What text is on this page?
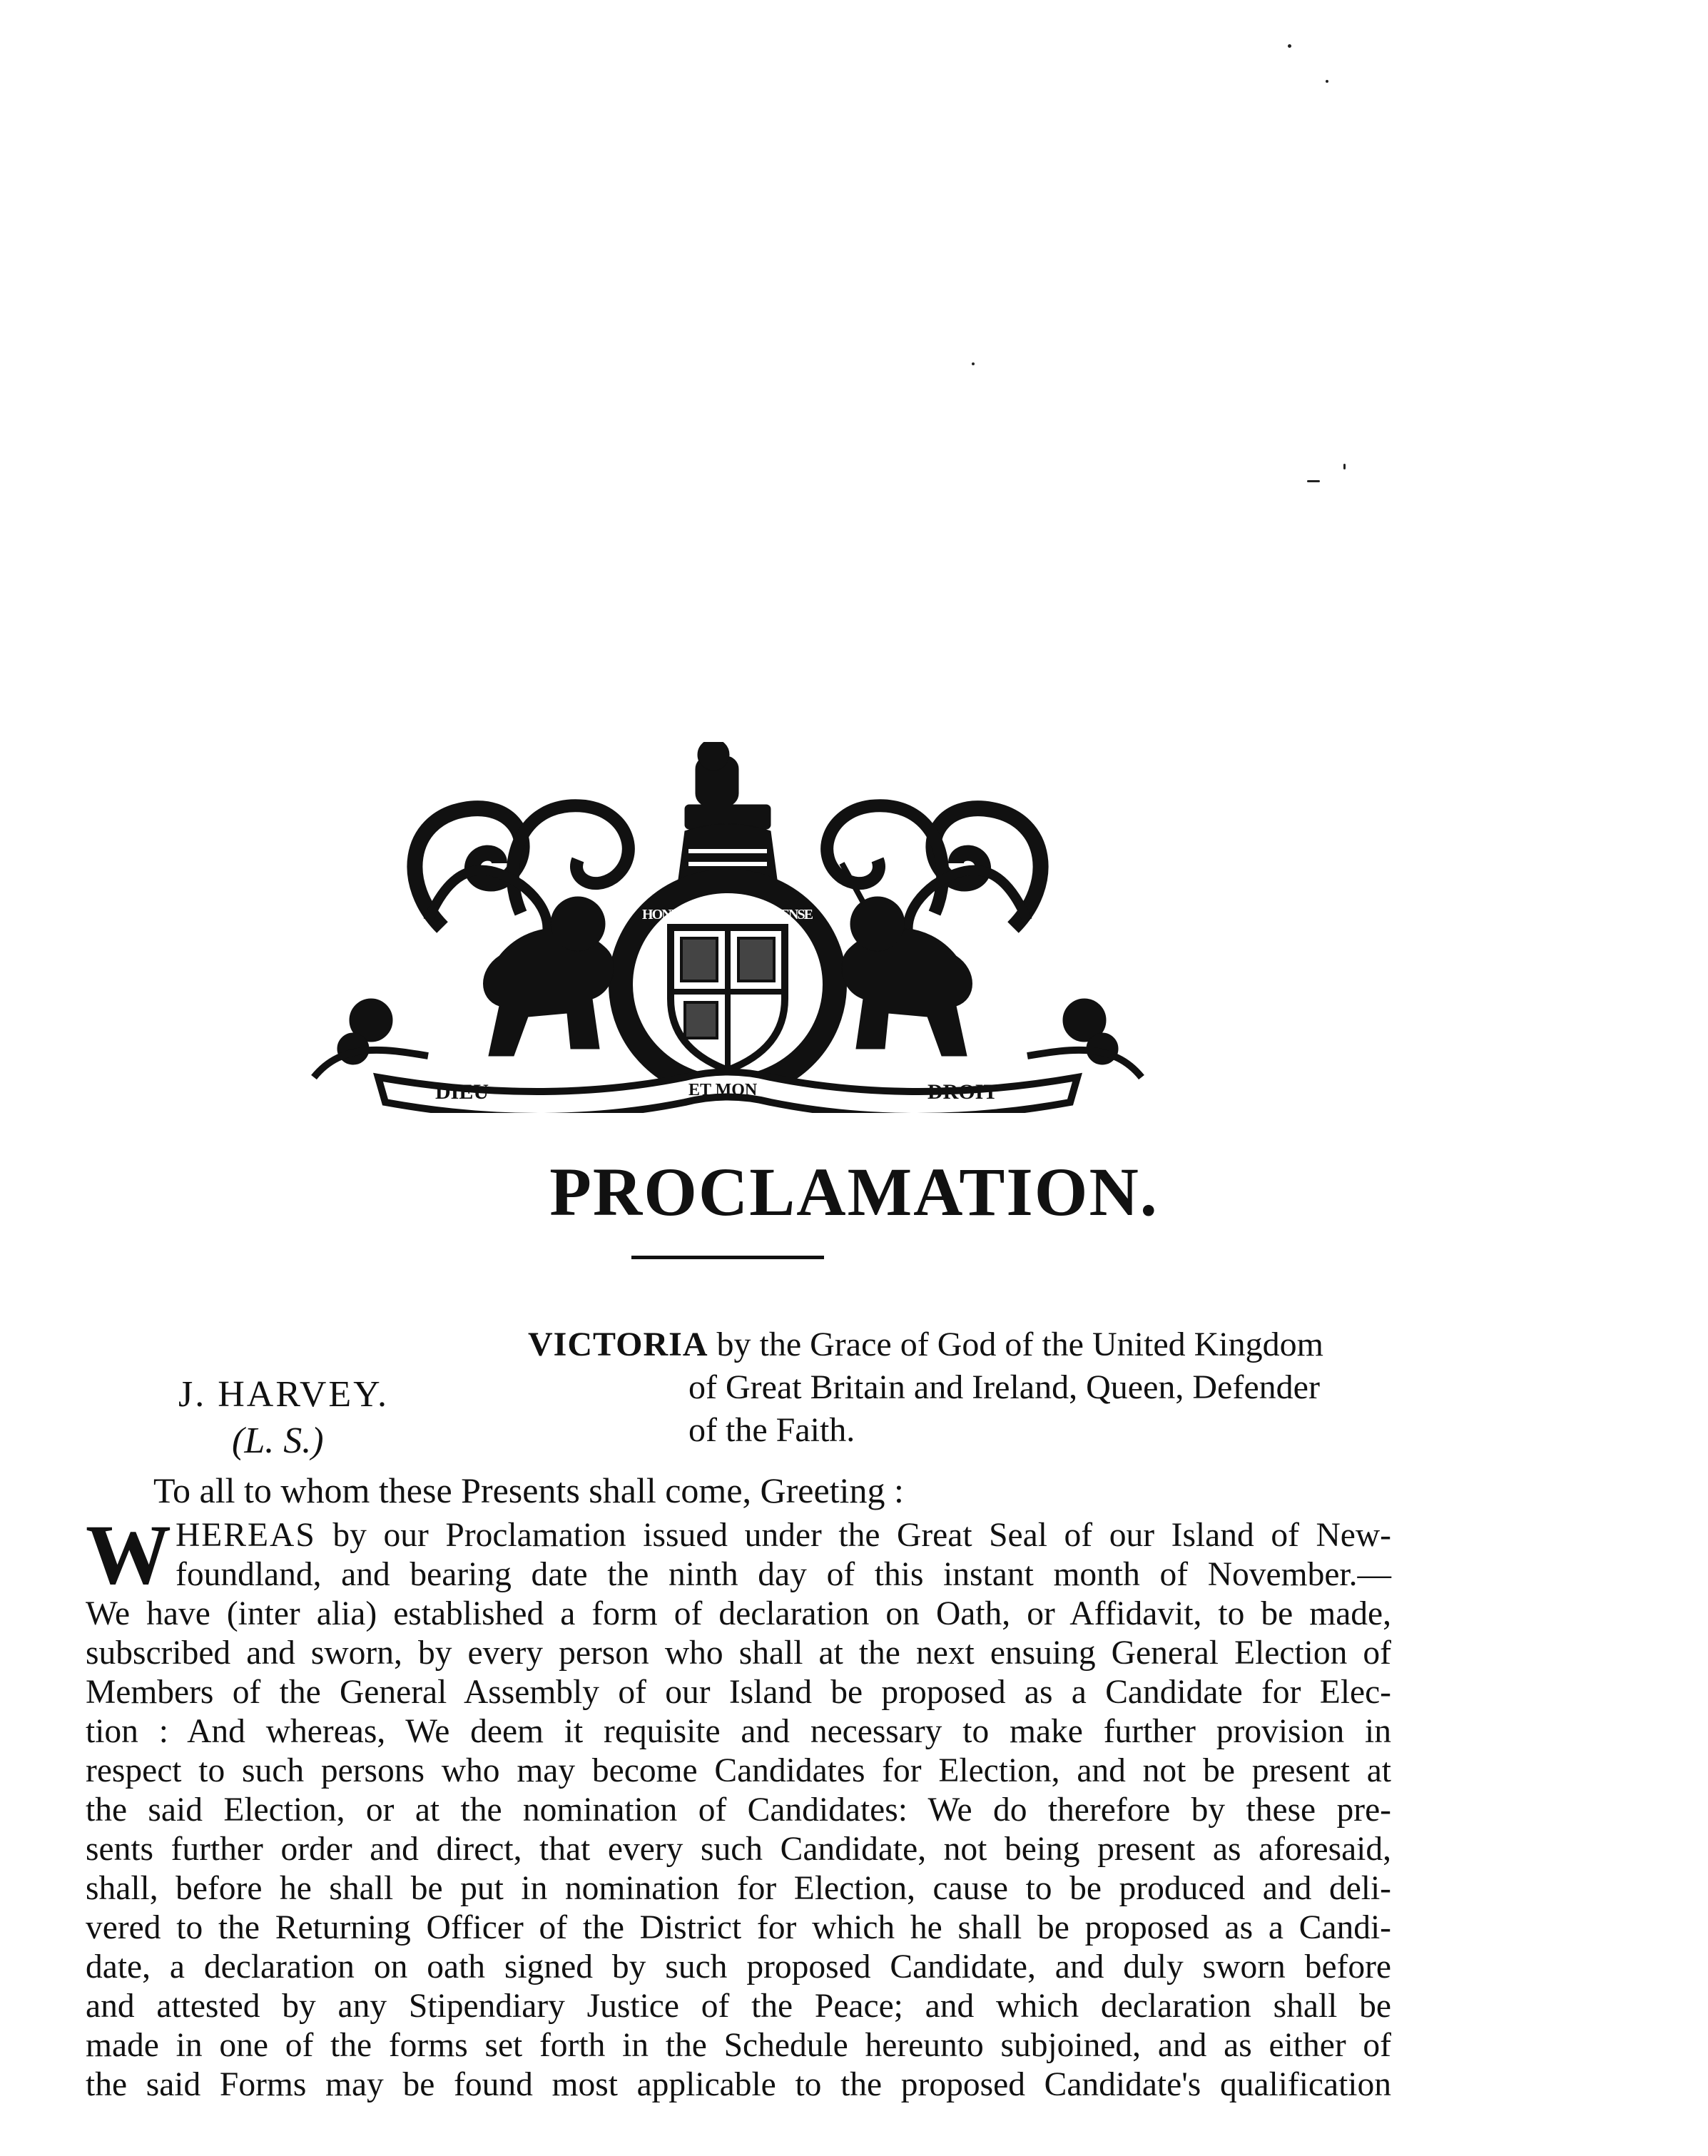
DIEU	ET MON	DROIT
HONI SOIT QUI MAL Y PENSE
PROCLAMATION.
J. HARVEY.
(L. S.)
VICTORIA by the Grace of God of the United Kingdom
of Great Britain and Ireland, Queen, Defender
of the Faith.

To all to whom these Presents shall come, Greeting :

W HEREAS by our Proclamation issued under the Great Seal of our Island of New-
foundland, and bearing date the ninth day of this instant month of November.—
We have (inter alia) established a form of declaration on Oath, or Affidavit, to be made,
subscribed and sworn, by every person who shall at the next ensuing General Election of
Members of the General Assembly of our Island be proposed as a Candidate for Elec-
tion : And whereas, We deem it requisite and necessary to make further provision in
respect to such persons who may become Candidates for Election, and not be present at
the said Election, or at the nomination of Candidates: We do therefore by these pre-
sents further order and direct, that every such Candidate, not being present as aforesaid,
shall, before he shall be put in nomination for Election, cause to be produced and deli-
vered to the Returning Officer of the District for which he shall be proposed as a Candi-
date, a declaration on oath signed by such proposed Candidate, and duly sworn before
and attested by any Stipendiary Justice of the Peace; and which declaration shall be
made in one of the forms set forth in the Schedule hereunto subjoined, and as either of
the said Forms may be found most applicable to the proposed Candidate's qualification
